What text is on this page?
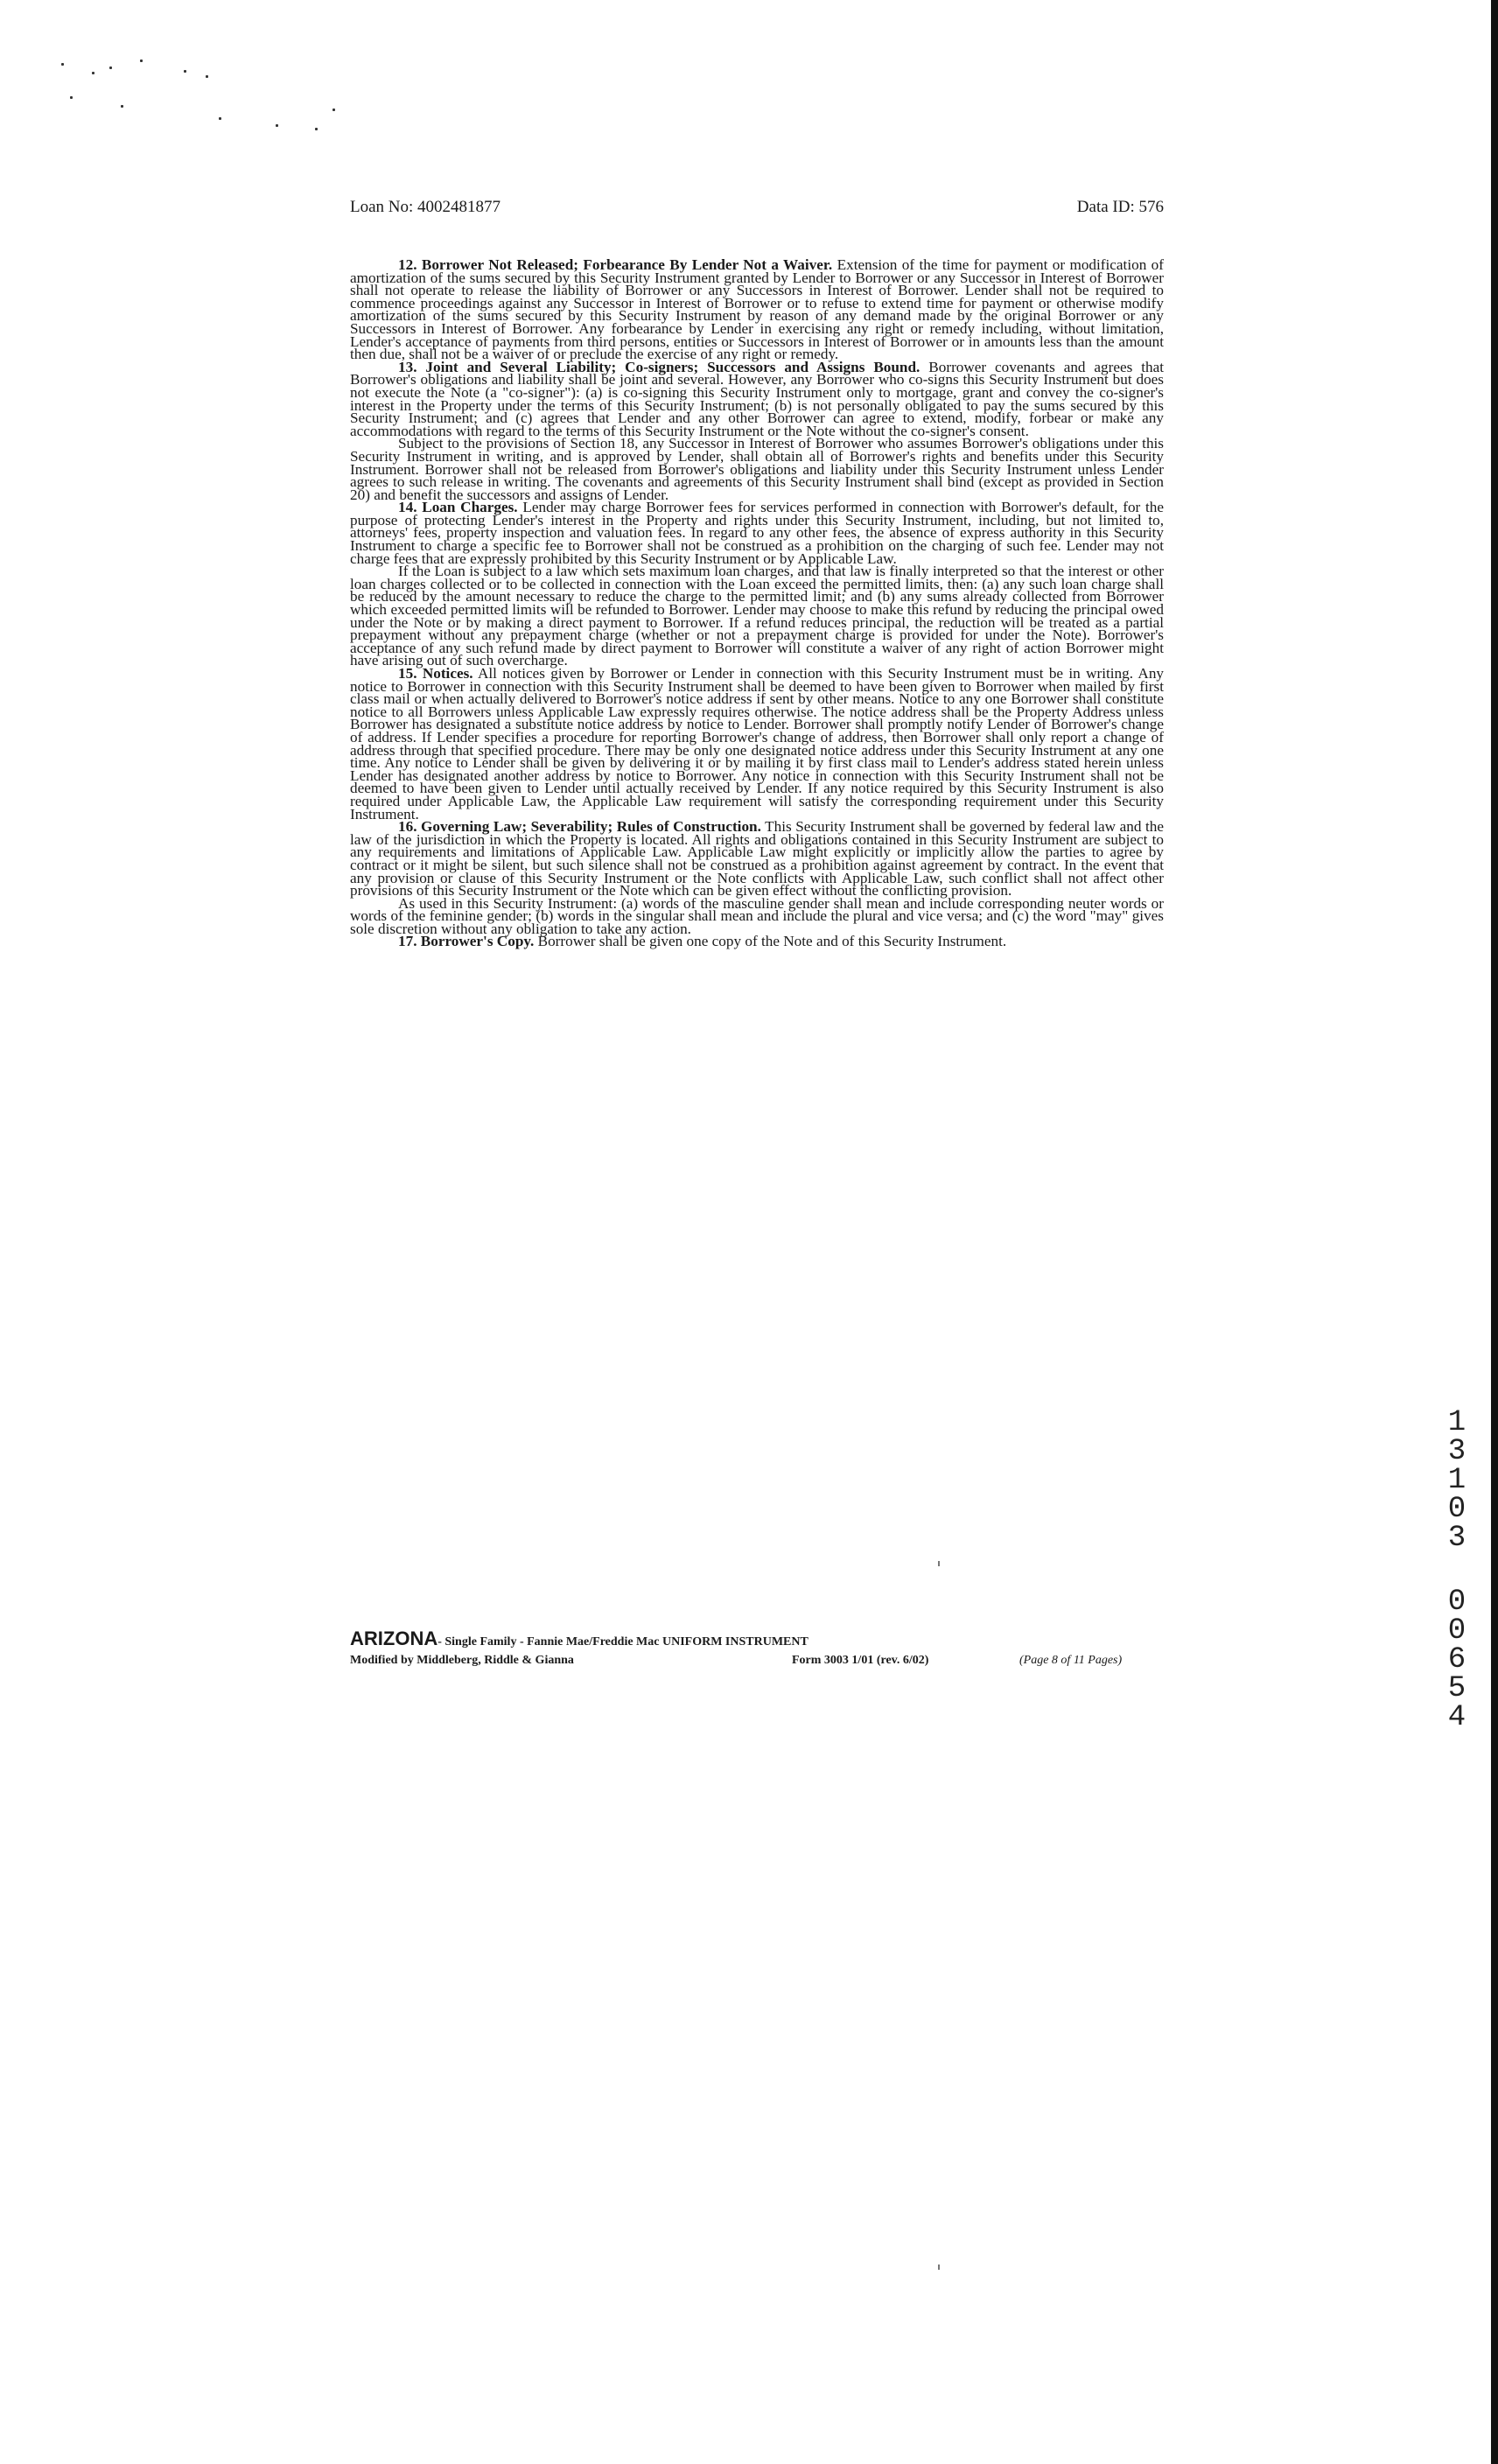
Loan No: 4002481877	Data ID: 576

12. Borrower Not Released; Forbearance By Lender Not a Waiver. Extension of the time for payment or modification of amortization of the sums secured by this Security Instrument granted by Lender to Borrower or any Successor in Interest of Borrower shall not operate to release the liability of Borrower or any Successors in Interest of Borrower. Lender shall not be required to commence proceedings against any Successor in Interest of Borrower or to refuse to extend time for payment or otherwise modify amortization of the sums secured by this Security Instrument by reason of any demand made by the original Borrower or any Successors in Interest of Borrower. Any forbearance by Lender in exercising any right or remedy including, without limitation, Lender's acceptance of payments from third persons, entities or Successors in Interest of Borrower or in amounts less than the amount then due, shall not be a waiver of or preclude the exercise of any right or remedy.

13. Joint and Several Liability; Co-signers; Successors and Assigns Bound. Borrower covenants and agrees that Borrower's obligations and liability shall be joint and several. However, any Borrower who co-signs this Security Instrument but does not execute the Note (a "co-signer"): (a) is co-signing this Security Instrument only to mortgage, grant and convey the co-signer's interest in the Property under the terms of this Security Instrument; (b) is not personally obligated to pay the sums secured by this Security Instrument; and (c) agrees that Lender and any other Borrower can agree to extend, modify, forbear or make any accommodations with regard to the terms of this Security Instrument or the Note without the co-signer's consent.

Subject to the provisions of Section 18, any Successor in Interest of Borrower who assumes Borrower's obligations under this Security Instrument in writing, and is approved by Lender, shall obtain all of Borrower's rights and benefits under this Security Instrument. Borrower shall not be released from Borrower's obligations and liability under this Security Instrument unless Lender agrees to such release in writing. The covenants and agreements of this Security Instrument shall bind (except as provided in Section 20) and benefit the successors and assigns of Lender.

14. Loan Charges. Lender may charge Borrower fees for services performed in connection with Borrower's default, for the purpose of protecting Lender's interest in the Property and rights under this Security Instrument, including, but not limited to, attorneys' fees, property inspection and valuation fees. In regard to any other fees, the absence of express authority in this Security Instrument to charge a specific fee to Borrower shall not be construed as a prohibition on the charging of such fee. Lender may not charge fees that are expressly prohibited by this Security Instrument or by Applicable Law.

If the Loan is subject to a law which sets maximum loan charges, and that law is finally interpreted so that the interest or other loan charges collected or to be collected in connection with the Loan exceed the permitted limits, then: (a) any such loan charge shall be reduced by the amount necessary to reduce the charge to the permitted limit; and (b) any sums already collected from Borrower which exceeded permitted limits will be refunded to Borrower. Lender may choose to make this refund by reducing the principal owed under the Note or by making a direct payment to Borrower. If a refund reduces principal, the reduction will be treated as a partial prepayment without any prepayment charge (whether or not a prepayment charge is provided for under the Note). Borrower's acceptance of any such refund made by direct payment to Borrower will constitute a waiver of any right of action Borrower might have arising out of such overcharge.

15. Notices. All notices given by Borrower or Lender in connection with this Security Instrument must be in writing. Any notice to Borrower in connection with this Security Instrument shall be deemed to have been given to Borrower when mailed by first class mail or when actually delivered to Borrower's notice address if sent by other means. Notice to any one Borrower shall constitute notice to all Borrowers unless Applicable Law expressly requires otherwise. The notice address shall be the Property Address unless Borrower has designated a substitute notice address by notice to Lender. Borrower shall promptly notify Lender of Borrower's change of address. If Lender specifies a procedure for reporting Borrower's change of address, then Borrower shall only report a change of address through that specified procedure. There may be only one designated notice address under this Security Instrument at any one time. Any notice to Lender shall be given by delivering it or by mailing it by first class mail to Lender's address stated herein unless Lender has designated another address by notice to Borrower. Any notice in connection with this Security Instrument shall not be deemed to have been given to Lender until actually received by Lender. If any notice required by this Security Instrument is also required under Applicable Law, the Applicable Law requirement will satisfy the corresponding requirement under this Security Instrument.

16. Governing Law; Severability; Rules of Construction. This Security Instrument shall be governed by federal law and the law of the jurisdiction in which the Property is located. All rights and obligations contained in this Security Instrument are subject to any requirements and limitations of Applicable Law. Applicable Law might explicitly or implicitly allow the parties to agree by contract or it might be silent, but such silence shall not be construed as a prohibition against agreement by contract. In the event that any provision or clause of this Security Instrument or the Note conflicts with Applicable Law, such conflict shall not affect other provisions of this Security Instrument or the Note which can be given effect without the conflicting provision.

As used in this Security Instrument: (a) words of the masculine gender shall mean and include corresponding neuter words or words of the feminine gender; (b) words in the singular shall mean and include the plural and vice versa; and (c) the word "may" gives sole discretion without any obligation to take any action.

17. Borrower's Copy. Borrower shall be given one copy of the Note and of this Security Instrument.

13103
00654
ARIZONA- Single Family - Fannie Mae/Freddie Mac UNIFORM INSTRUMENT
Modified by Middleberg, Riddle & Gianna	Form 3003 1/01 (rev. 6/02)	(Page 8 of 11 Pages)
